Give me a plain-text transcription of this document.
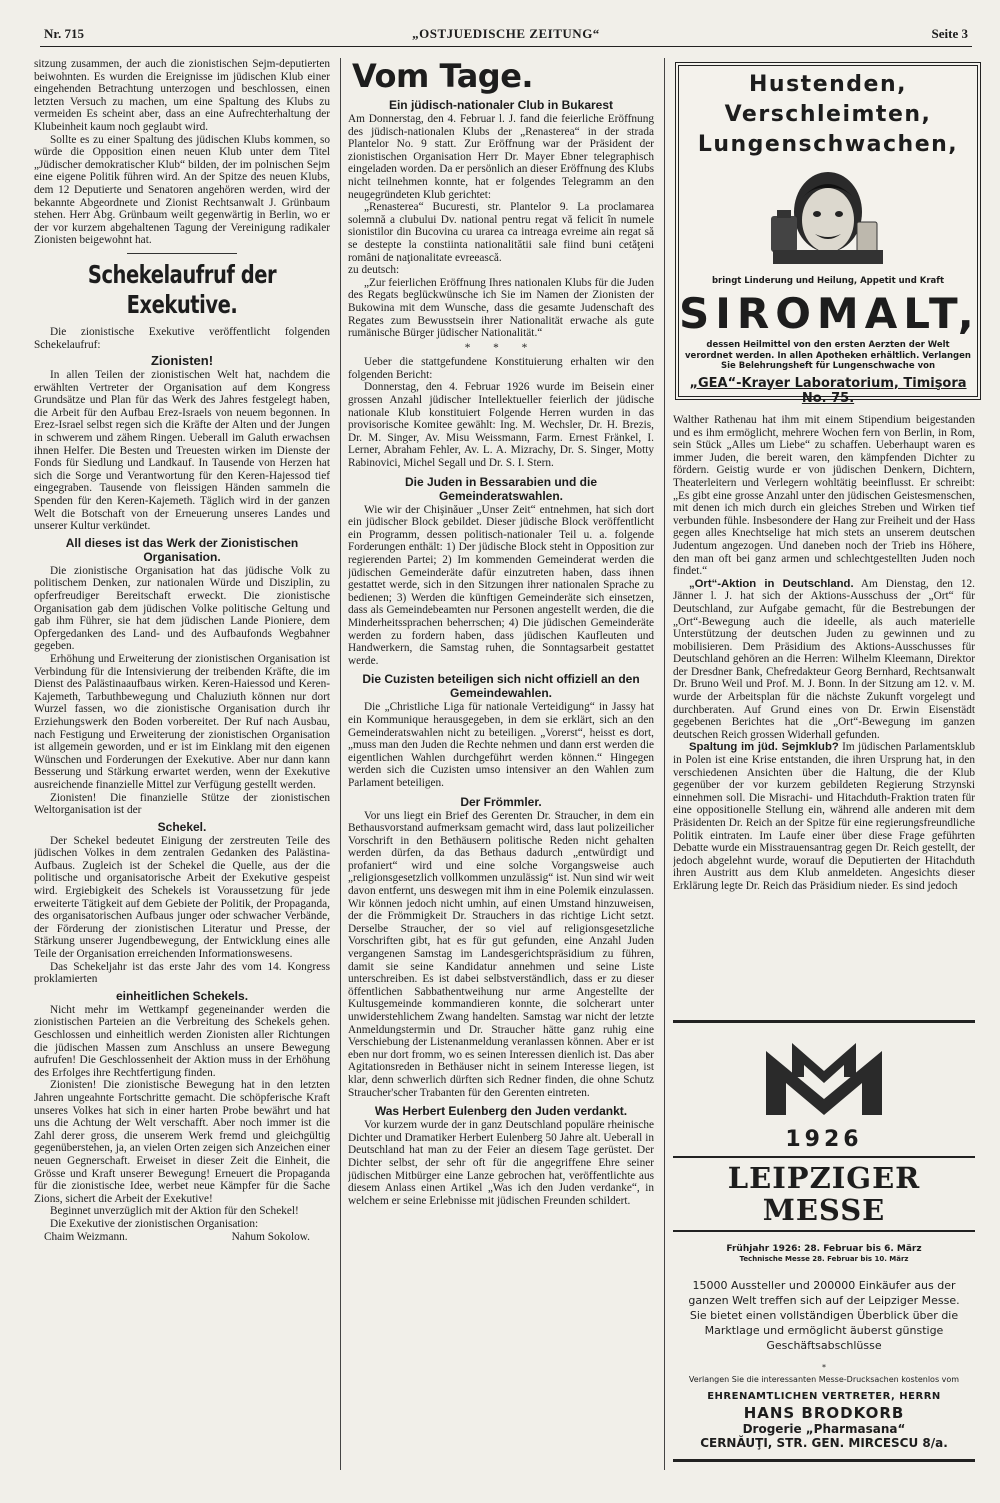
Nr. 715	„OSTJUEDISCHE ZEITUNG“	Seite 3

sitzung zusammen, der auch die zionistischen Sejm-deputierten beiwohnten. Es wurden die Ereignisse im jüdischen Klub einer eingehenden Betrachtung unterzogen und beschlossen, einen letzten Versuch zu machen, um eine Spaltung des Klubs zu vermeiden Es scheint aber, dass an eine Aufrechterhaltung der Klubeinheit kaum noch geglaubt wird.

Sollte es zu einer Spaltung des jüdischen Klubs kommen, so würde die Opposition einen neuen Klub unter dem Titel „Jüdischer demokratischer Klub“ bilden, der im polnischen Sejm eine eigene Politik führen wird. An der Spitze des neuen Klubs, dem 12 Deputierte und Senatoren angehören werden, wird der bekannte Abgeordnete und Zionist Rechtsanwalt J. Grünbaum stehen. Herr Abg. Grünbaum weilt gegenwärtig in Berlin, wo er der vor kurzem abgehaltenen Tagung der Vereinigung radikaler Zionisten beigewohnt hat.

Schekelaufruf der Exekutive.

Die zionistische Exekutive veröffentlicht folgenden Schekelaufruf:

Zionisten!

In allen Teilen der zionistischen Welt hat, nachdem die erwählten Vertreter der Organisation auf dem Kongress Grundsätze und Plan für das Werk des Jahres festgelegt haben, die Arbeit für den Aufbau Erez-Israels von neuem begonnen. In Erez-Israel selbst regen sich die Kräfte der Alten und der Jungen in schwerem und zähem Ringen. Ueberall im Galuth erwachsen ihnen Helfer. Die Besten und Treuesten wirken im Dienste der Fonds für Siedlung und Landkauf. In Tausende von Herzen hat sich die Sorge und Verantwortung für den Keren-Hajessod tief eingegraben. Tausende von fleissigen Händen sammeln die Spenden für den Keren-Kajemeth. Täglich wird in der ganzen Welt die Botschaft von der Erneuerung unseres Landes und unserer Kultur verkündet.

All dieses ist das Werk der Zionistischen Organisation.

Die zionistische Organisation hat das jüdische Volk zu politischem Denken, zur nationalen Würde und Disziplin, zu opferfreudiger Bereitschaft erweckt. Die zionistische Organisation gab dem jüdischen Volke politische Geltung und gab ihm Führer, sie hat dem jüdischen Lande Pioniere, dem Opfergedanken des Land- und des Aufbaufonds Wegbahner gegeben.

Erhöhung und Erweiterung der zionistischen Organisation ist Verbindung für die Intensivierung der treibenden Kräfte, die im Dienst des Palästinaaufbaus wirken. Keren-Haiessod und Keren-Kajemeth, Tarbuthbewegung und Chaluziuth können nur dort Wurzel fassen, wo die zionistische Organisation durch ihr Erziehungswerk den Boden vorbereitet. Der Ruf nach Ausbau, nach Festigung und Erweiterung der zionistischen Organisation ist allgemein geworden, und er ist im Einklang mit den eigenen Wünschen und Forderungen der Exekutive. Aber nur dann kann Besserung und Stärkung erwartet werden, wenn der Exekutive ausreichende finanzielle Mittel zur Verfügung gestellt werden.

Zionisten! Die finanzielle Stütze der zionistischen Weltorganisation ist der

Schekel.

Der Schekel bedeutet Einigung der zerstreuten Teile des jüdischen Volkes in dem zentralen Gedanken des Palästina-Aufbaus. Zugleich ist der Schekel die Quelle, aus der die politische und organisatorische Arbeit der Exekutive gespeist wird. Ergiebigkeit des Schekels ist Voraussetzung für jede erweiterte Tätigkeit auf dem Gebiete der Politik, der Propaganda, des organisatorischen Aufbaus junger oder schwacher Verbände, der Förderung der zionistischen Literatur und Presse, der Stärkung unserer Jugendbewegung, der Entwicklung eines alle Teile der Organisation erreichenden Informationswesens.

Das Schekeljahr ist das erste Jahr des vom 14. Kongress proklamierten

einheitlichen Schekels.

Nicht mehr im Wettkampf gegeneinander werden die zionistischen Parteien an die Verbreitung des Schekels gehen. Geschlossen und einheitlich werden Zionisten aller Richtungen die jüdischen Massen zum Anschluss an unsere Bewegung aufrufen! Die Geschlossenheit der Aktion muss in der Erhöhung des Erfolges ihre Rechtfertigung finden.

Zionisten! Die zionistische Bewegung hat in den letzten Jahren ungeahnte Fortschritte gemacht. Die schöpferische Kraft unseres Volkes hat sich in einer harten Probe bewährt und hat uns die Achtung der Welt verschafft. Aber noch immer ist die Zahl derer gross, die unserem Werk fremd und gleichgültig gegenüberstehen, ja, an vielen Orten zeigen sich Anzeichen einer neuen Gegnerschaft. Erweiset in dieser Zeit die Einheit, die Grösse und Kraft unserer Bewegung! Erneuert die Propaganda für die zionistische Idee, werbet neue Kämpfer für die Sache Zions, sichert die Arbeit der Exekutive!

Beginnet unverzüglich mit der Aktion für den Schekel!

Die Exekutive der zionistischen Organisation:

Chaim Weizmann.	Nahum Sokolow.
Vom Tage.
Ein jüdisch-nationaler Club in Bukarest

Am Donnerstag, den 4. Februar l. J. fand die feierliche Eröffnung des jüdisch-nationalen Klubs der „Renasterea“ in der strada Plantelor No. 9 statt. Zur Eröffnung war der Präsident der zionistischen Organisation Herr Dr. Mayer Ebner telegraphisch eingeladen worden. Da er persönlich an dieser Eröffnung des Klubs nicht teilnehmen konnte, hat er folgendes Telegramm an den neugegründeten Klub gerichtet:

„Renasterea“ Bucuresti, str. Plantelor 9. La proclamarea solemnă a clubului Dv. national pentru regat vă felicit în numele sionistilor din Bucovina cu urarea ca intreaga evreime ain regat să se destepte la constiinta nationalitătii sale fiind buni cetăţeni români de naţionalitate evreească.

zu deutsch:

„Zur feierlichen Eröffnung Ihres nationalen Klubs für die Juden des Regats beglückwünsche ich Sie im Namen der Zionisten der Bukowina mit dem Wunsche, dass die gesamte Judenschaft des Regates zum Bewusstsein ihrer Nationalität erwache als gute rumänische Bürger jüdischer Nationalität.“

* * *

Ueber die stattgefundene Konstituierung erhalten wir den folgenden Bericht:

Donnerstag, den 4. Februar 1926 wurde im Beisein einer grossen Anzahl jüdischer Intellektueller feierlich der jüdische nationale Klub konstituiert Folgende Herren wurden in das provisorische Komitee gewählt: Ing. M. Wechsler, Dr. H. Brezis, Dr. M. Singer, Av. Misu Weissmann, Farm. Ernest Fränkel, I. Lerner, Abraham Fehler, Av. L. A. Mizrachy, Dr. S. Singer, Motty Rabinovici, Michel Segall und Dr. S. I. Stern.

Die Juden in Bessarabien und die Gemeinderatswahlen.

Wie wir der Chişinăuer „Unser Zeit“ entnehmen, hat sich dort ein jüdischer Block gebildet. Dieser jüdische Block veröffentlicht ein Programm, dessen politisch-nationaler Teil u. a. folgende Forderungen enthält: 1) Der jüdische Block steht in Opposition zur regierenden Partei; 2) Im kommenden Gemeinderat werden die jüdischen Gemeinderäte dafür einzutreten haben, dass ihnen gestattet werde, sich in den Sitzungen ihrer nationalen Sprache zu bedienen; 3) Werden die künftigen Gemeinderäte sich einsetzen, dass als Gemeindebeamten nur Personen angestellt werden, die die Minderheitssprachen beherrschen; 4) Die jüdischen Gemeinderäte werden zu fordern haben, dass jüdischen Kaufleuten und Handwerkern, die Samstag ruhen, die Sonntagsarbeit gestattet werde.

Die Cuzisten beteiligen sich nicht offiziell an den Gemeindewahlen.

Die „Christliche Liga für nationale Verteidigung“ in Jassy hat ein Kommunique herausgegeben, in dem sie erklärt, sich an den Gemeinderatswahlen nicht zu beteiligen. „Vorerst“, heisst es dort, „muss man den Juden die Rechte nehmen und dann erst werden die eigentlichen Wahlen durchgeführt werden können.“ Hingegen werden sich die Cuzisten umso intensiver an den Wahlen zum Parlament beteiligen.

Der Frömmler.

Vor uns liegt ein Brief des Gerenten Dr. Straucher, in dem ein Bethausvorstand aufmerksam gemacht wird, dass laut polizeilicher Vorschrift in den Bethäusern politische Reden nicht gehalten werden dürfen, da das Bethaus dadurch „entwürdigt und profaniert“ wird und eine solche Vorgangsweise auch „religionsgesetzlich vollkommen unzulässig“ ist. Nun sind wir weit davon entfernt, uns deswegen mit ihm in eine Polemik einzulassen. Wir können jedoch nicht umhin, auf einen Umstand hinzuweisen, der die Frömmigkeit Dr. Strauchers in das richtige Licht setzt. Derselbe Straucher, der so viel auf religionsgesetzliche Vorschriften gibt, hat es für gut gefunden, eine Anzahl Juden vergangenen Samstag im Landesgerichtspräsidium zu führen, damit sie seine Kandidatur annehmen und seine Liste unterschreiben. Es ist dabei selbstverständlich, dass er zu dieser öffentlichen Sabbathentweihung nur arme Angestellte der Kultusgemeinde kommandieren konnte, die solcherart unter unwiderstehlichem Zwang handelten. Samstag war nicht der letzte Anmeldungstermin und Dr. Straucher hätte ganz ruhig eine Verschiebung der Listenanmeldung veranlassen können. Aber er ist eben nur dort fromm, wo es seinen Interessen dienlich ist. Das aber Agitationsreden in Bethäuser nicht in seinem Interesse liegen, ist klar, denn schwerlich dürften sich Redner finden, die ohne Schutz Straucher'scher Trabanten für den Gerenten eintreten.

Was Herbert Eulenberg den Juden verdankt.

Vor kurzem wurde der in ganz Deutschland populäre rheinische Dichter und Dramatiker Herbert Eulenberg 50 Jahre alt. Ueberall in Deutschland hat man zu der Feier an diesem Tage gerüstet. Der Dichter selbst, der sehr oft für die angegriffene Ehre seiner jüdischen Mitbürger eine Lanze gebrochen hat, veröffentlichte aus diesem Anlass einen Artikel „Was ich den Juden verdanke“, in welchem er seine Erlebnisse mit jüdischen Freunden schildert.

Hustenden,
Verschleimten,
Lungenschwachen,
bringt Linderung und Heilung, Appetit und Kraft
SIROMALT,
dessen Heilmittel von den ersten Aerzten der Welt verordnet werden. In allen Apotheken erhältlich. Verlangen Sie Belehrungsheft für Lungenschwache von
„GEA“-Krayer Laboratorium, Timişora No. 75.

Walther Rathenau hat ihm mit einem Stipendium beigestanden und es ihm ermöglicht, mehrere Wochen fern von Berlin, in Rom, sein Stück „Alles um Liebe“ zu schaffen. Ueberhaupt waren es immer Juden, die bereit waren, den kämpfenden Dichter zu fördern. Geistig wurde er von jüdischen Denkern, Dichtern, Theaterleitern und Verlegern wohltätig beeinflusst. Er schreibt: „Es gibt eine grosse Anzahl unter den jüdischen Geistesmenschen, mit denen ich mich durch ein gleiches Streben und Wirken tief verbunden fühle. Insbesondere der Hang zur Freiheit und der Hass gegen alles Knechtselige hat mich stets an unserem deutschen Judentum angezogen. Und daneben noch der Trieb ins Höhere, den man oft bei ganz armen und schlechtgestellten Juden noch findet.“

„Ort“-Aktion in Deutschland. Am Dienstag, den 12. Jänner l. J. hat sich der Aktions-Ausschuss der „Ort“ für Deutschland, zur Aufgabe gemacht, für die Bestrebungen der „Ort“-Bewegung auch die ideelle, als auch materielle Unterstützung der deutschen Juden zu gewinnen und zu mobilisieren. Dem Präsidium des Aktions-Ausschusses für Deutschland gehören an die Herren: Wilhelm Kleemann, Direktor der Dresdner Bank, Chefredakteur Georg Bernhard, Rechtsanwalt Dr. Bruno Weil und Prof. M. J. Bonn. In der Sitzung am 12. v. M. wurde der Arbeitsplan für die nächste Zukunft vorgelegt und durchberaten. Auf Grund eines von Dr. Erwin Eisenstädt gegebenen Berichtes hat die „Ort“-Bewegung im ganzen deutschen Reich grossen Widerhall gefunden.

Spaltung im jüd. Sejmklub? Im jüdischen Parlamentsklub in Polen ist eine Krise entstanden, die ihren Ursprung hat, in den verschiedenen Ansichten über die Haltung, die der Klub gegenüber der vor kurzem gebildeten Regierung Strzynski einnehmen soll. Die Misrachi- und Hitachduth-Fraktion traten für eine oppositionelle Stellung ein, während alle anderen mit dem Präsidenten Dr. Reich an der Spitze für eine regierungsfreundliche Politik eintraten. Im Laufe einer über diese Frage geführten Debatte wurde ein Misstrauensantrag gegen Dr. Reich gestellt, der jedoch abgelehnt wurde, worauf die Deputierten der Hitachduth ihren Austritt aus dem Klub anmeldeten. Angesichts dieser Erklärung legte Dr. Reich das Präsidium nieder. Es sind jedoch

1926
LEIPZIGER MESSE
Frühjahr 1926: 28. Februar bis 6. März
Technische Messe 28. Februar bis 10. März
15000 Aussteller und 200000 Einkäufer aus der ganzen Welt treffen sich auf der Leipziger Messe. Sie bietet einen vollständigen Überblick über die Marktlage und ermöglicht äuberst günstige Geschäftsabschlüsse
*
Verlangen Sie die interessanten Messe-Drucksachen kostenlos vom
EHRENAMTLICHEN VERTRETER, HERRN
HANS BRODKORB
Drogerie „Pharmasana“
CERNĂUŢI, STR. GEN. MIRCESCU 8/a.
